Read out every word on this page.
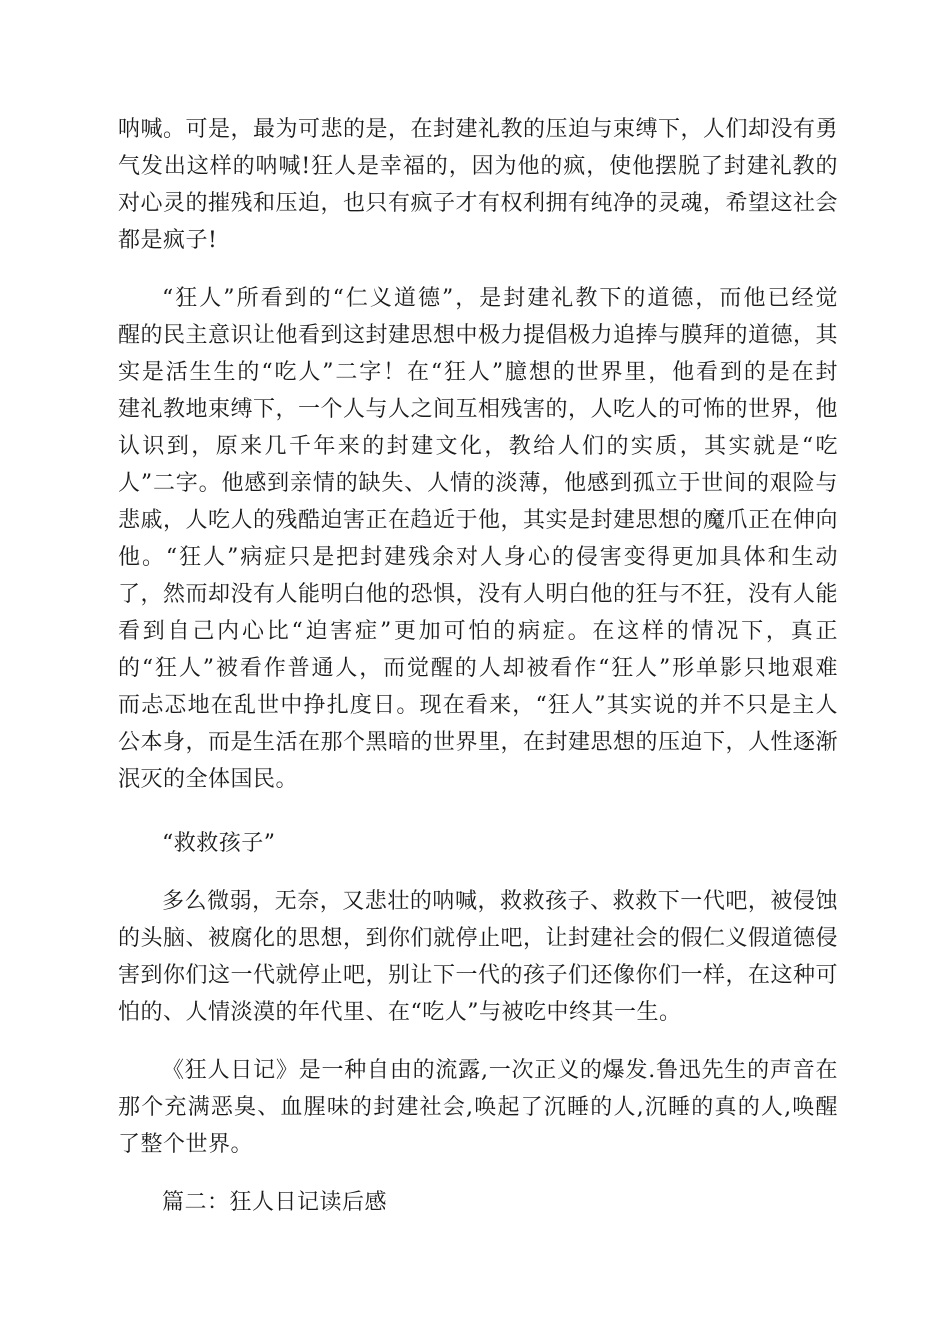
呐喊。可是，最为可悲的是，在封建礼教的压迫与束缚下，人们却没有勇
气发出这样的呐喊!狂人是幸福的，因为他的疯，使他摆脱了封建礼教的
对心灵的摧残和压迫，也只有疯子才有权利拥有纯净的灵魂，希望这社会
都是疯子!
“狂人”所看到的“仁义道德”，是封建礼教下的道德，而他已经觉
醒的民主意识让他看到这封建思想中极力提倡极力追捧与膜拜的道德，其
实是活生生的“吃人”二字！在“狂人”臆想的世界里，他看到的是在封
建礼教地束缚下，一个人与人之间互相残害的，人吃人的可怖的世界，他
认识到，原来几千年来的封建文化，教给人们的实质，其实就是“吃
人”二字。他感到亲情的缺失、人情的淡薄，他感到孤立于世间的艰险与
悲戚，人吃人的残酷迫害正在趋近于他，其实是封建思想的魔爪正在伸向
他。“狂人”病症只是把封建残余对人身心的侵害变得更加具体和生动
了，然而却没有人能明白他的恐惧，没有人明白他的狂与不狂，没有人能
看到自己内心比“迫害症”更加可怕的病症。在这样的情况下，真正
的“狂人”被看作普通人，而觉醒的人却被看作“狂人”形单影只地艰难
而忐忑地在乱世中挣扎度日。现在看来，“狂人”其实说的并不只是主人
公本身，而是生活在那个黑暗的世界里，在封建思想的压迫下，人性逐渐
泯灭的全体国民。
“救救孩子”
多么微弱，无奈，又悲壮的呐喊，救救孩子、救救下一代吧，被侵蚀
的头脑、被腐化的思想，到你们就停止吧，让封建社会的假仁义假道德侵
害到你们这一代就停止吧，别让下一代的孩子们还像你们一样，在这种可
怕的、人情淡漠的年代里、在“吃人”与被吃中终其一生。
《狂人日记》是一种自由的流露,一次正义的爆发.鲁迅先生的声音在
那个充满恶臭、血腥味的封建社会,唤起了沉睡的人,沉睡的真的人,唤醒
了整个世界。
篇二：狂人日记读后感
